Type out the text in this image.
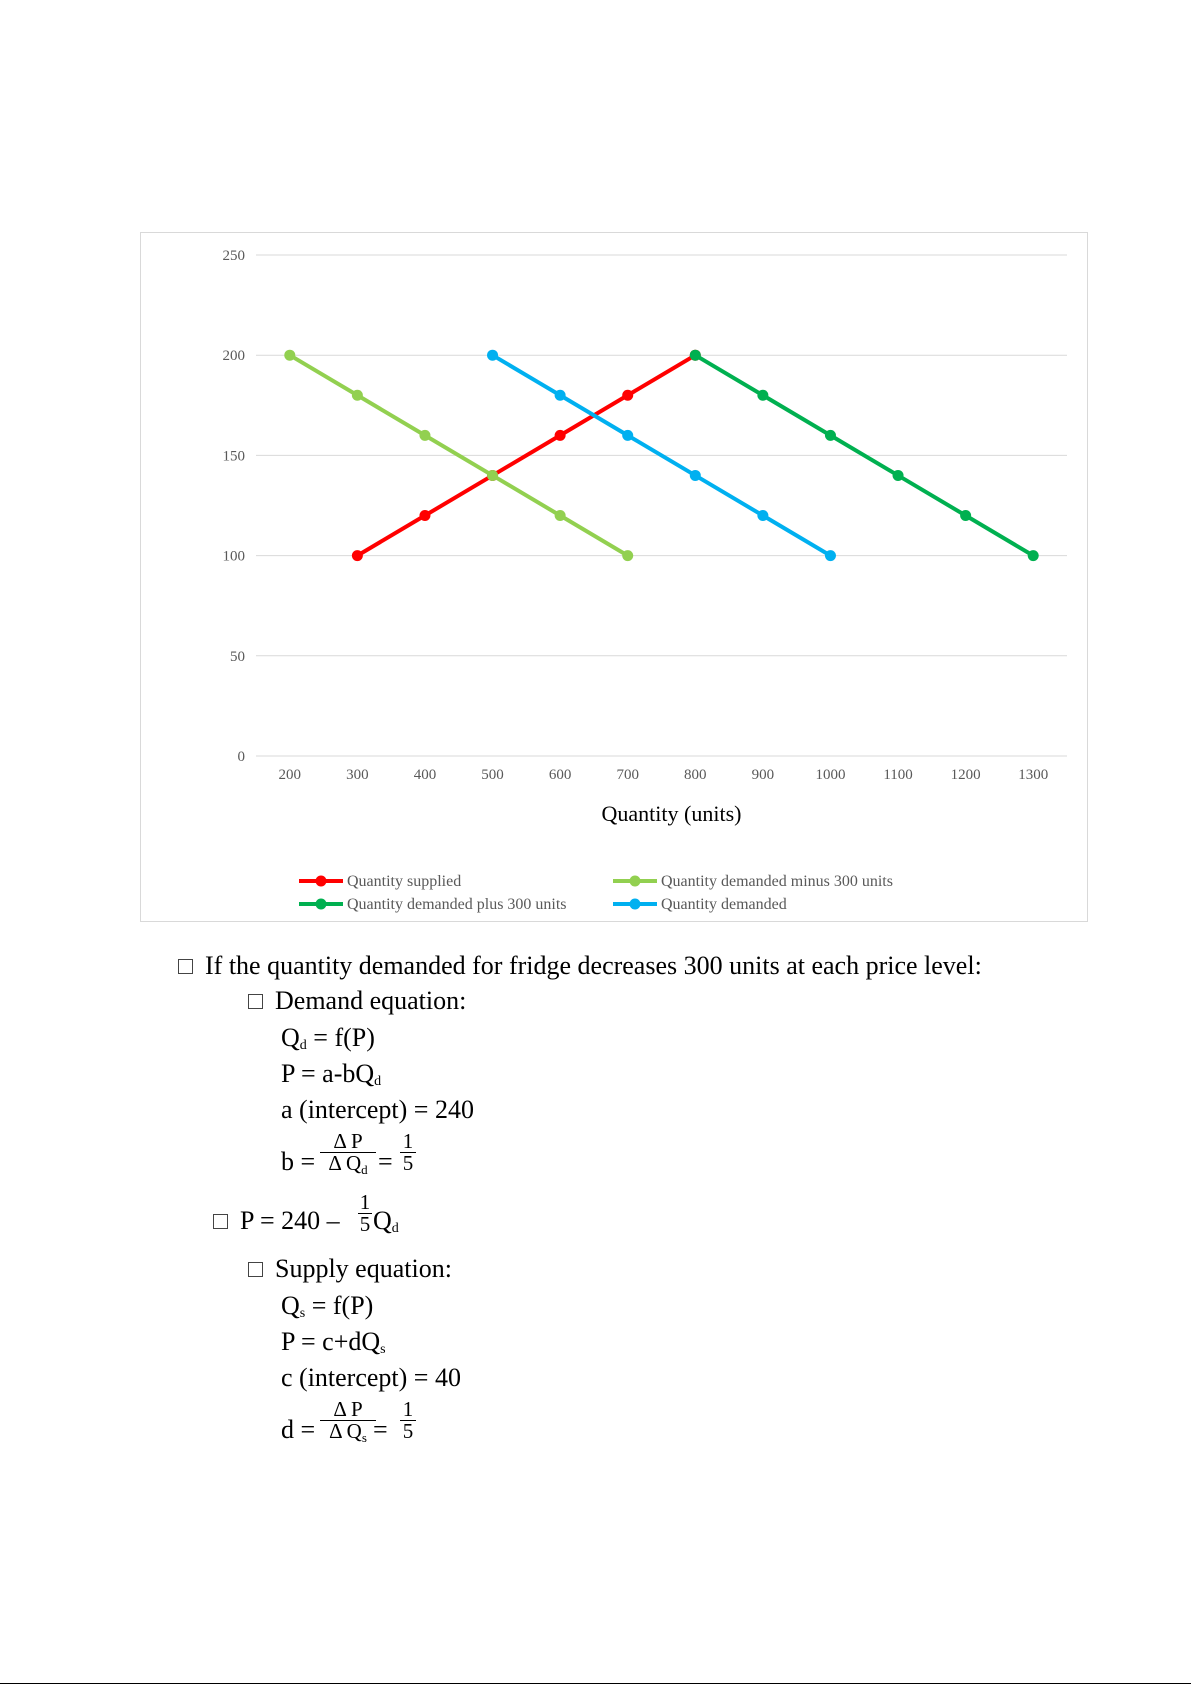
0
50
100
150
200
250
200	300	400	500	600	700	800	900	1000	1100	1200	1300
Quantity (units)
Quantity supplied	Quantity demanded minus 300 units
Quantity demanded plus 300 units	Quantity demanded
If the quantity demanded for fridge decreases 300 units at each price level:
Demand equation:
$Q_d = f(P)$
$P = a-bQ_d$
a (intercept) = 240
b =
Δ P
Δ Qd =
1
5
P = 240 –
1
5 $Q_d$
Supply equation:
$Q_s = f(P)$
$P = c+dQ_s$
c (intercept) = 40
d =
Δ P
Δ Qs =
1
5
